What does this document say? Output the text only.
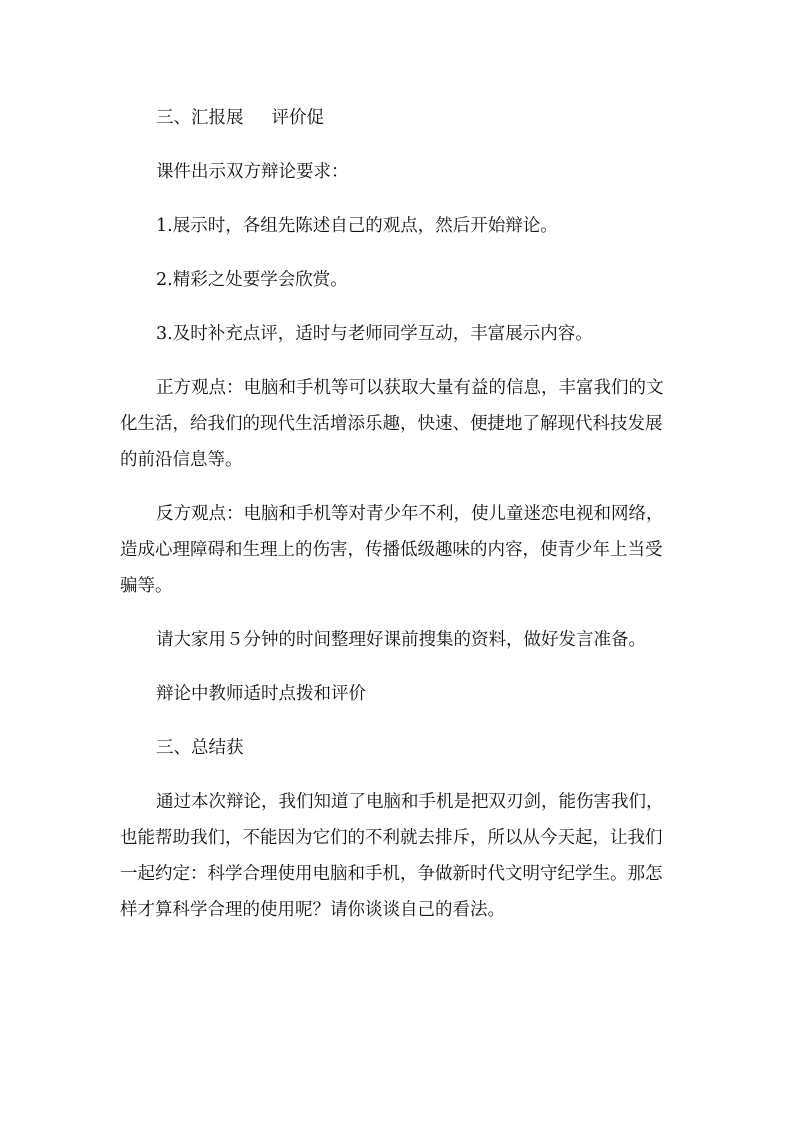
三、汇报展 评价促

课件出示双方辩论要求：

1.展示时，各组先陈述自己的观点，然后开始辩论。

2.精彩之处要学会欣赏。

3.及时补充点评，适时与老师同学互动，丰富展示内容。

正方观点：电脑和手机等可以获取大量有益的信息，丰富我们的文化生活，给我们的现代生活增添乐趣，快速、便捷地了解现代科技发展的前沿信息等。

反方观点：电脑和手机等对青少年不利，使儿童迷恋电视和网络，造成心理障碍和生理上的伤害，传播低级趣味的内容，使青少年上当受骗等。

请大家用５分钟的时间整理好课前搜集的资料，做好发言准备。

辩论中教师适时点拨和评价

三、总结获

通过本次辩论，我们知道了电脑和手机是把双刃剑，能伤害我们，也能帮助我们，不能因为它们的不利就去排斥，所以从今天起，让我们一起约定：科学合理使用电脑和手机，争做新时代文明守纪学生。那怎样才算科学合理的使用呢？请你谈谈自己的看法。
